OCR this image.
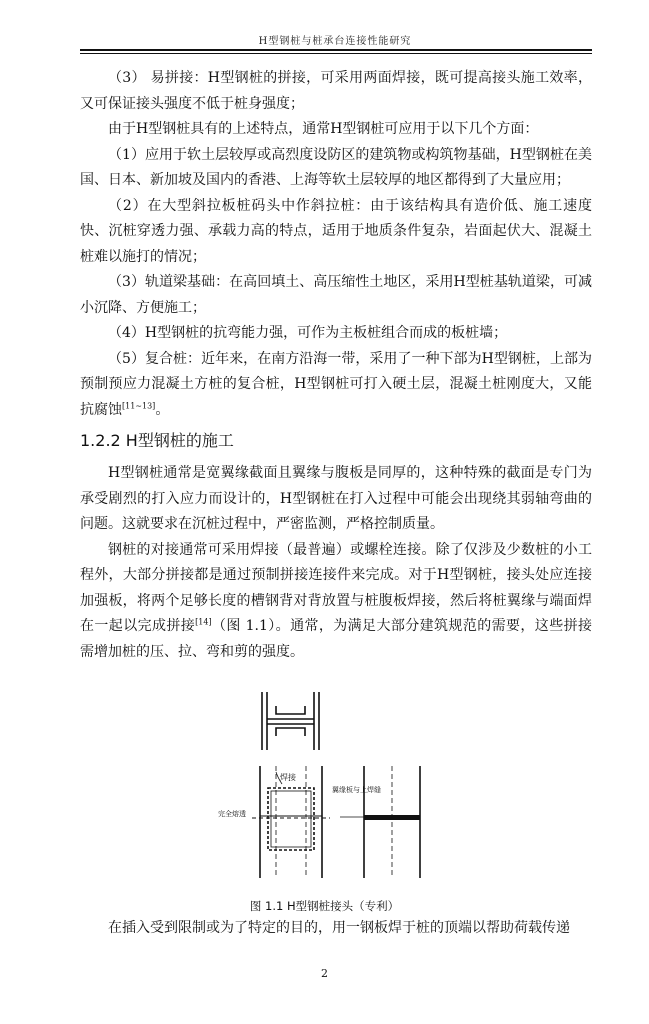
H型钢桩与桩承台连接性能研究

（3） 易拼接：H型钢桩的拼接，可采用两面焊接，既可提高接头施工效率，又可保证接头强度不低于桩身强度；

由于H型钢桩具有的上述特点，通常H型钢桩可应用于以下几个方面：

（1）应用于软土层较厚或高烈度设防区的建筑物或构筑物基础，H型钢桩在美国、日本、新加坡及国内的香港、上海等软土层较厚的地区都得到了大量应用；

（2）在大型斜拉板桩码头中作斜拉桩：由于该结构具有造价低、施工速度快、沉桩穿透力强、承载力高的特点，适用于地质条件复杂，岩面起伏大、混凝土桩难以施打的情况；

（3）轨道梁基础：在高回填土、高压缩性土地区，采用H型桩基轨道梁，可减小沉降、方便施工；

（4）H型钢桩的抗弯能力强，可作为主板桩组合而成的板桩墙；

（5）复合桩：近年来，在南方沿海一带，采用了一种下部为H型钢桩，上部为预制预应力混凝土方桩的复合桩，H型钢桩可打入硬土层，混凝土桩刚度大，又能抗腐蚀[11~13]。

1.2.2 H型钢桩的施工

H型钢桩通常是宽翼缘截面且翼缘与腹板是同厚的，这种特殊的截面是专门为承受剧烈的打入应力而设计的，H型钢桩在打入过程中可能会出现绕其弱轴弯曲的问题。这就要求在沉桩过程中，严密监测，严格控制质量。

钢桩的对接通常可采用焊接（最普遍）或螺栓连接。除了仅涉及少数桩的小工程外，大部分拼接都是通过预制拼接连接件来完成。对于H型钢桩，接头处应连接加强板，将两个足够长度的槽钢背对背放置与桩腹板焊接，然后将桩翼缘与端面焊在一起以完成拼接[14]（图 1.1）。通常，为满足大部分建筑规范的需要，这些拼接需增加桩的压、拉、弯和剪的强度。

焊接
完全熔透
翼缘板与上焊缝
图 1.1 H型钢桩接头（专利）

在插入受到限制或为了特定的目的，用一钢板焊于桩的顶端以帮助荷载传递

2
